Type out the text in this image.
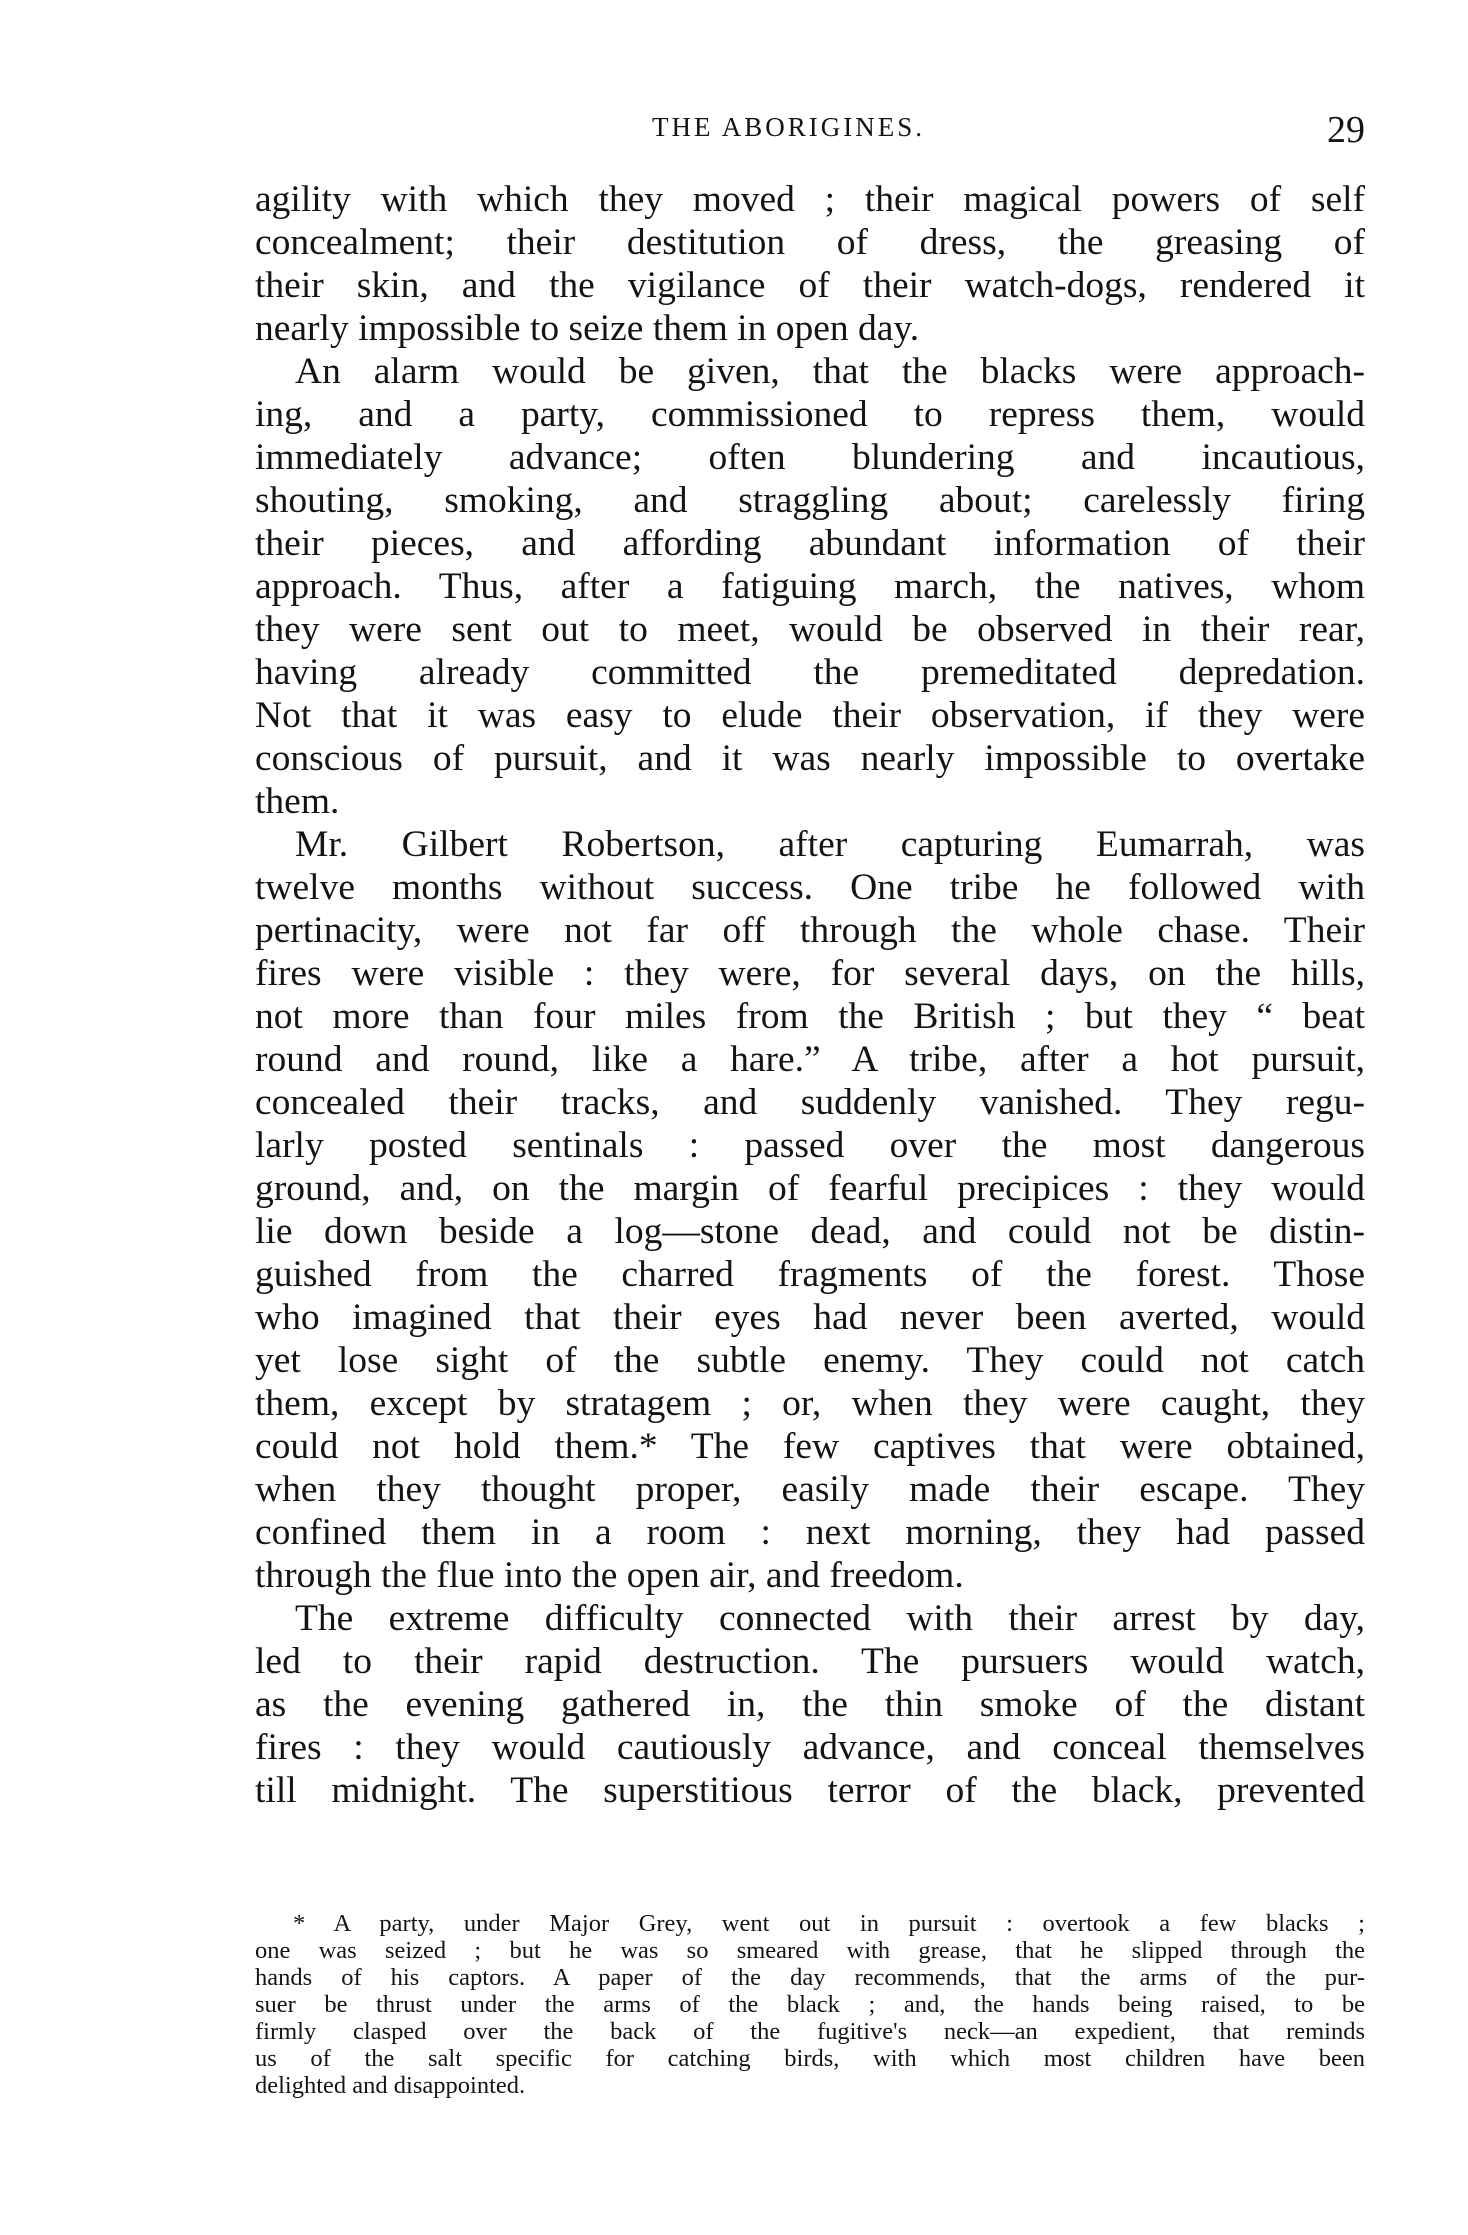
THE ABORIGINES.	29
agility with which they moved ; their magical powers of self
concealment; their destitution of dress, the greasing of
their skin, and the vigilance of their watch-dogs, rendered it
nearly impossible to seize them in open day.
An alarm would be given, that the blacks were approach-
ing, and a party, commissioned to repress them, would
immediately advance; often blundering and incautious,
shouting, smoking, and straggling about; carelessly firing
their pieces, and affording abundant information of their
approach. Thus, after a fatiguing march, the natives, whom
they were sent out to meet, would be observed in their rear,
having already committed the premeditated depredation.
Not that it was easy to elude their observation, if they were
conscious of pursuit, and it was nearly impossible to overtake
them.
Mr. Gilbert Robertson, after capturing Eumarrah, was
twelve months without success. One tribe he followed with
pertinacity, were not far off through the whole chase. Their
fires were visible : they were, for several days, on the hills,
not more than four miles from the British ; but they “ beat
round and round, like a hare.” A tribe, after a hot pursuit,
concealed their tracks, and suddenly vanished. They regu-
larly posted sentinals : passed over the most dangerous
ground, and, on the margin of fearful precipices : they would
lie down beside a log—stone dead, and could not be distin-
guished from the charred fragments of the forest. Those
who imagined that their eyes had never been averted, would
yet lose sight of the subtle enemy. They could not catch
them, except by stratagem ; or, when they were caught, they
could not hold them.* The few captives that were obtained,
when they thought proper, easily made their escape. They
confined them in a room : next morning, they had passed
through the flue into the open air, and freedom.
The extreme difficulty connected with their arrest by day,
led to their rapid destruction. The pursuers would watch,
as the evening gathered in, the thin smoke of the distant
fires : they would cautiously advance, and conceal themselves
till midnight. The superstitious terror of the black, prevented
* A party, under Major Grey, went out in pursuit : overtook a few blacks ;
one was seized ; but he was so smeared with grease, that he slipped through the
hands of his captors. A paper of the day recommends, that the arms of the pur-
suer be thrust under the arms of the black ; and, the hands being raised, to be
firmly clasped over the back of the fugitive's neck—an expedient, that reminds
us of the salt specific for catching birds, with which most children have been
delighted and disappointed.
